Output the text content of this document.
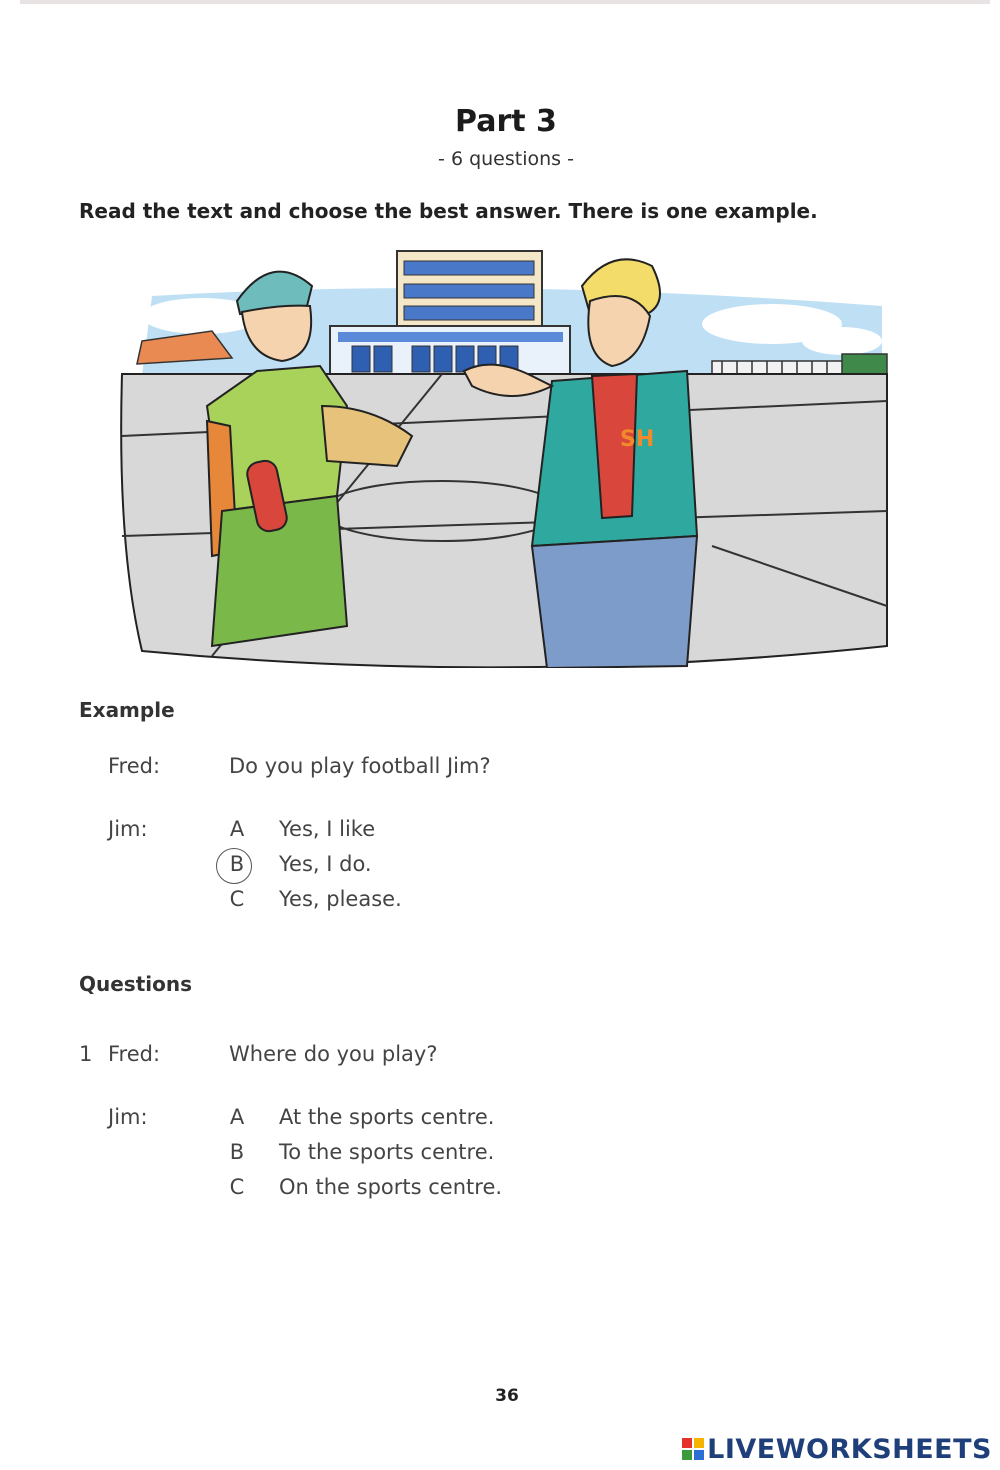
Part 3
- 6 questions -
Read the text and choose the best answer. There is one example.
SH
Example
Fred:	Do you play football Jim?
Jim:	A Yes, I like
B Yes, I do.
C Yes, please.
Questions
1 Fred:	Where do you play?
Jim:	A At the sports centre.
B To the sports centre.
C On the sports centre.
36
LIVEWORKSHEETS
